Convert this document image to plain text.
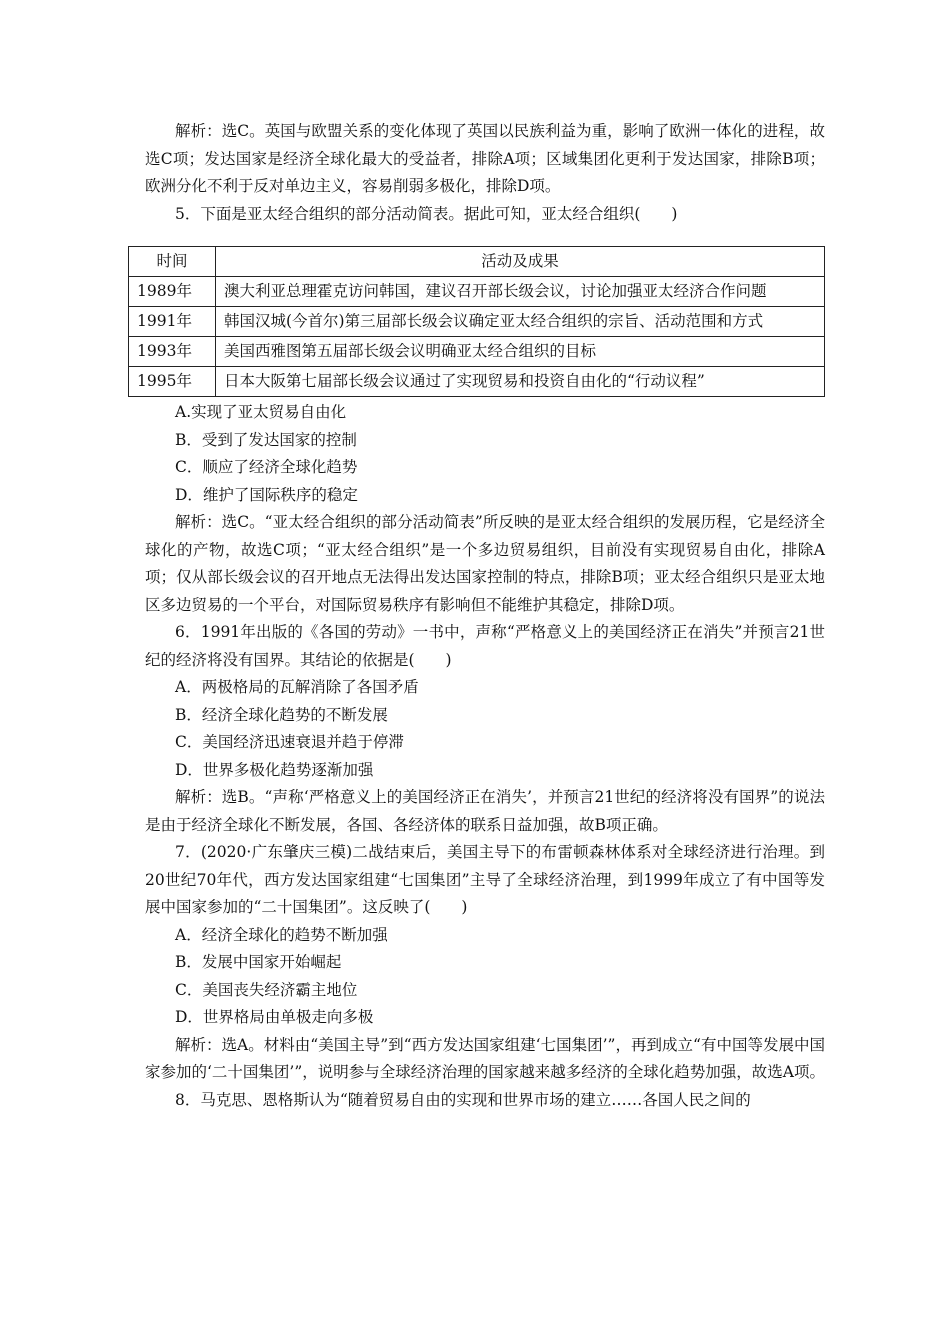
解析：选C。英国与欧盟关系的变化体现了英国以民族利益为重，影响了欧洲一体化的进程，故选C项；发达国家是经济全球化最大的受益者，排除A项；区域集团化更利于发达国家，排除B项；欧洲分化不利于反对单边主义，容易削弱多极化，排除D项。

5．下面是亚太经合组织的部分活动简表。据此可知，亚太经合组织(　　)

时间	活动及成果
1989年	澳大利亚总理霍克访问韩国，建议召开部长级会议，讨论加强亚太经济合作问题
1991年	韩国汉城(今首尔)第三届部长级会议确定亚太经合组织的宗旨、活动范围和方式
1993年	美国西雅图第五届部长级会议明确亚太经合组织的目标
1995年	日本大阪第七届部长级会议通过了实现贸易和投资自由化的“行动议程”

A.实现了亚太贸易自由化

B．受到了发达国家的控制

C．顺应了经济全球化趋势

D．维护了国际秩序的稳定

解析：选C。“亚太经合组织的部分活动简表”所反映的是亚太经合组织的发展历程，它是经济全球化的产物，故选C项；“亚太经合组织”是一个多边贸易组织，目前没有实现贸易自由化，排除A项；仅从部长级会议的召开地点无法得出发达国家控制的特点，排除B项；亚太经合组织只是亚太地区多边贸易的一个平台，对国际贸易秩序有影响但不能维护其稳定，排除D项。

6．1991年出版的《各国的劳动》一书中，声称“严格意义上的美国经济正在消失”并预言21世纪的经济将没有国界。其结论的依据是(　　)

A．两极格局的瓦解消除了各国矛盾

B．经济全球化趋势的不断发展

C．美国经济迅速衰退并趋于停滞

D．世界多极化趋势逐渐加强

解析：选B。“声称‘严格意义上的美国经济正在消失’，并预言21世纪的经济将没有国界”的说法是由于经济全球化不断发展，各国、各经济体的联系日益加强，故B项正确。

7．(2020·广东肇庆三模)二战结束后，美国主导下的布雷顿森林体系对全球经济进行治理。到20世纪70年代，西方发达国家组建“七国集团”主导了全球经济治理，到1999年成立了有中国等发展中国家参加的“二十国集团”。这反映了(　　)

A．经济全球化的趋势不断加强

B．发展中国家开始崛起

C．美国丧失经济霸主地位

D．世界格局由单极走向多极

解析：选A。材料由“美国主导”到“西方发达国家组建‘七国集团’”，再到成立“有中国等发展中国家参加的‘二十国集团’”，说明参与全球经济治理的国家越来越多经济的全球化趋势加强，故选A项。

8．马克思、恩格斯认为“随着贸易自由的实现和世界市场的建立……各国人民之间的
